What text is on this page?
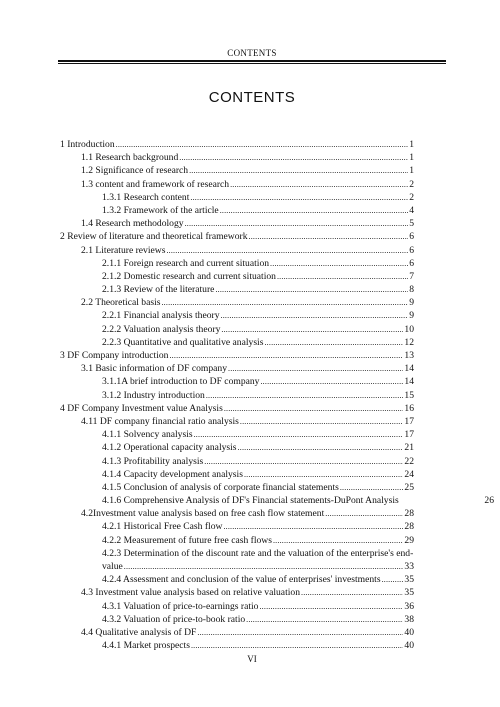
CONTENTS
CONTENTS
1 Introduction .....	1
1.1 Research background .....	1
1.2 Significance of research .....	1
1.3 content and framework of research .....	2
1.3.1 Research content .....	2
1.3.2 Framework of the article .....	4
1.4 Research methodology .....	5
2 Review of literature and theoretical framework .....	6
2.1 Literature reviews .....	6
2.1.1 Foreign research and current situation .....	6
2.1.2 Domestic research and current situation .....	7
2.1.3 Review of the literature .....	8
2.2 Theoretical basis .....	9
2.2.1 Financial analysis theory .....	9
2.2.2 Valuation analysis theory .....	10
2.2.3 Quantitative and qualitative analysis .....	12
3 DF Company introduction .....	13
3.1 Basic information of DF company .....	14
3.1.1A brief introduction to DF company .....	14
3.1.2 Industry introduction .....	15
4 DF Company Investment value Analysis .....	16
4.11 DF company financial ratio analysis .....	17
4.1.1 Solvency analysis .....	17
4.1.2 Operational capacity analysis .....	21
4.1.3 Profitability analysis .....	22
4.1.4 Capacity development analysis .....	24
4.1.5 Conclusion of analysis of corporate financial statements .....	25
4.1.6 Comprehensive Analysis of DF's Financial statements-DuPont Analysis	26
4.2Investment value analysis based on free cash flow statement .....	28
4.2.1 Historical Free Cash flow .....	28
4.2.2 Measurement of future free cash flows .....	29
4.2.3 Determination of the discount rate and the valuation of the enterprise's end-
value .....	33
4.2.4 Assessment and conclusion of the value of enterprises' investments ..... 35
4.3 Investment value analysis based on relative valuation .....	35
4.3.1 Valuation of price-to-earnings ratio .....	36
4.3.2 Valuation of price-to-book ratio .....	38
4.4 Qualitative analysis of DF .....	40
4.4.1 Market prospects .....	40
VI
